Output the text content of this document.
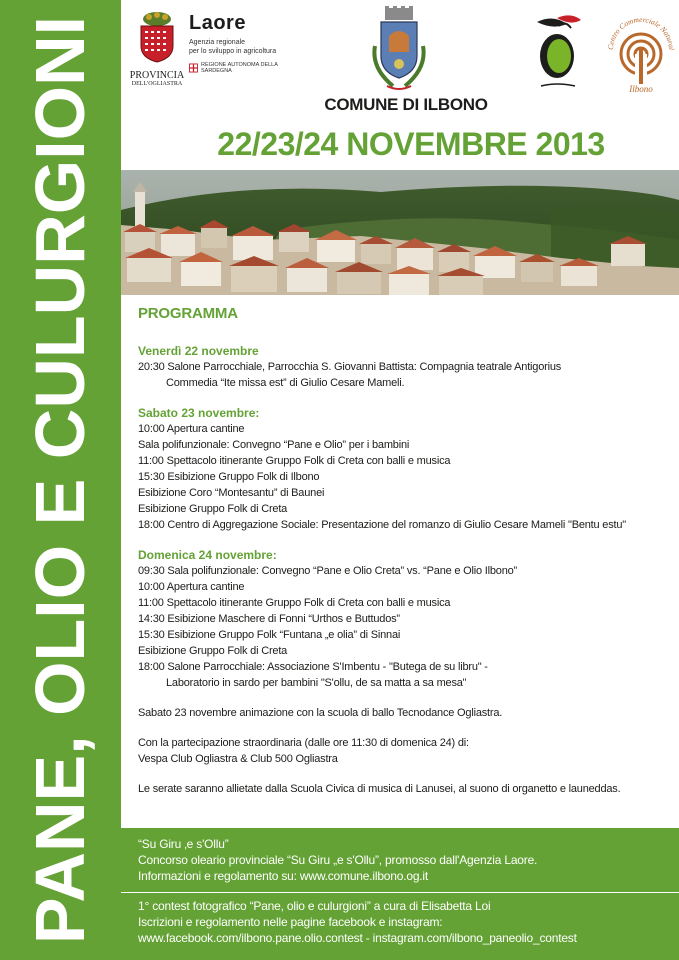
PANE, OLIO E CULURGIONI	PROVINCIA
DELL'OGLIASTRA
Laore
Agenzia regionale
per lo sviluppo in agricoltura
REGIONE AUTONOMA DELLA SARDEGNA
Centro Commerciale Natural
Ilbono
COMUNE DI ILBONO
22/23/24 NOVEMBRE 2013
PROGRAMMA
Venerdì 22 novembre
20:30 Salone Parrocchiale, Parrocchia S. Giovanni Battista: Compagnia teatrale Antigorius
Commedia “Ite missa est” di Giulio Cesare Mameli.
Sabato 23 novembre:
10:00 Apertura cantine
Sala polifunzionale: Convegno “Pane e Olio” per i bambini
11:00 Spettacolo itinerante Gruppo Folk di Creta con balli e musica
15:30 Esibizione Gruppo Folk di Ilbono
Esibizione Coro “Montesantu” di Baunei
Esibizione Gruppo Folk di Creta
18:00 Centro di Aggregazione Sociale: Presentazione del romanzo di Giulio Cesare Mameli "Bentu estu"
Domenica 24 novembre:
09:30 Sala polifunzionale: Convegno “Pane e Olio Creta” vs. “Pane e Olio Ilbono”
10:00 Apertura cantine
11:00 Spettacolo itinerante Gruppo Folk di Creta con balli e musica
14:30 Esibizione Maschere di Fonni “Urthos e Buttudos”
15:30 Esibizione Gruppo Folk “Funtana „e olia” di Sinnai
Esibizione Gruppo Folk di Creta
18:00 Salone Parrocchiale: Associazione S'Imbentu - "Butega de su libru" -
Laboratorio in sardo per bambini "S'ollu, de sa matta a sa mesa"
Sabato 23 novembre animazione con la scuola di ballo Tecnodance Ogliastra.
Con la partecipazione straordinaria (dalle ore 11:30 di domenica 24) di:
Vespa Club Ogliastra & Club 500 Ogliastra
Le serate saranno allietate dalla Scuola Civica di musica di Lanusei, al suono di organetto e launeddas.
“Su Giru ‚e s'Ollu”
Concorso oleario provinciale “Su Giru „e s'Ollu”, promosso dall'Agenzia Laore.
Informazioni e regolamento su: www.comune.ilbono.og.it
1° contest fotografico “Pane, olio e culurgioni” a cura di Elisabetta Loi
Iscrizioni e regolamento nelle pagine facebook e instagram:
www.facebook.com/ilbono.pane.olio.contest - instagram.com/ilbono_paneolio_contest
